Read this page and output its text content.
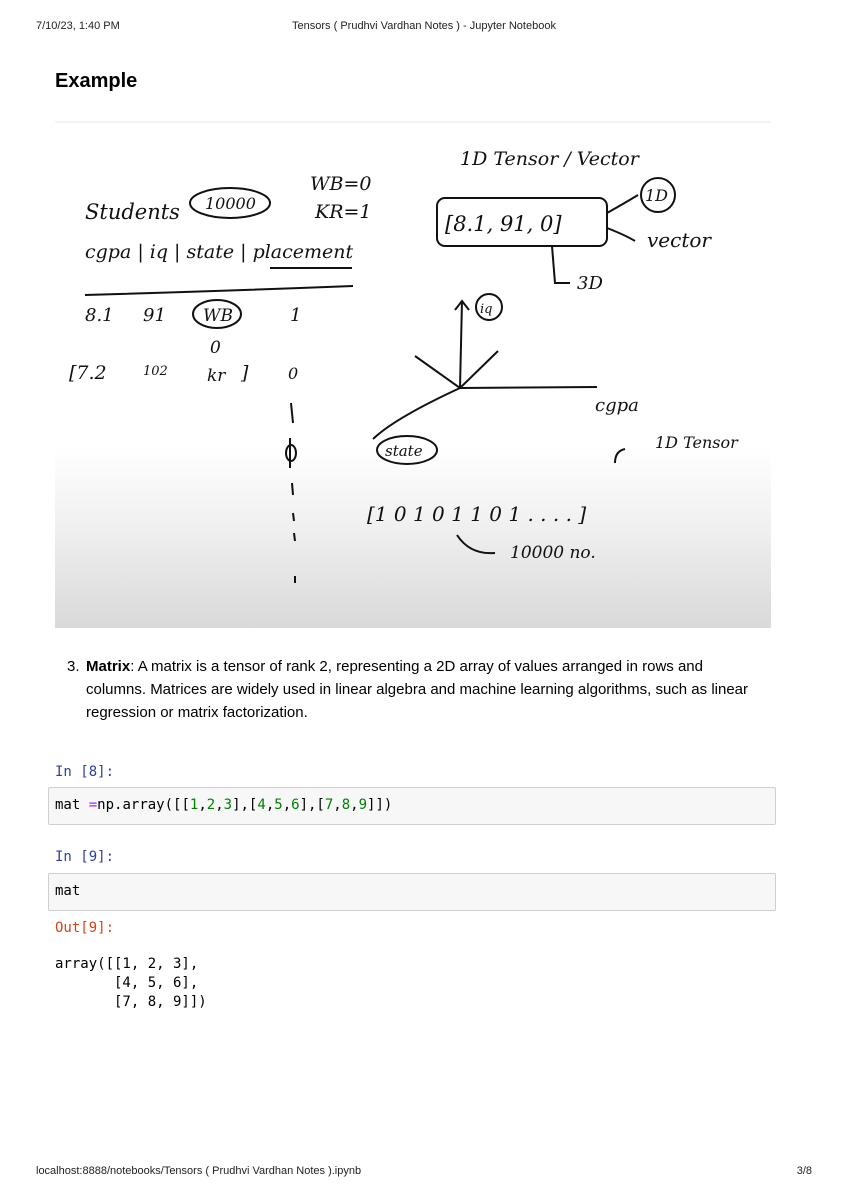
7/10/23, 1:40 PM	Tensors ( Prudhvi Vardhan Notes ) - Jupyter Notebook
Example
Students 10000
WB=0
KR=1
cgpa | iq | state | placement
8.1 91 WB	1
0
[7.2	102 kr ] 0
1D Tensor / Vector
[8.1, 91, 0]
1D
vector
3D
iq
cgpa
state	1D Tensor
[1 0 1 0 1 1 0 1 . . . . ]
10000 no.
3. Matrix: A matrix is a tensor of rank 2, representing a 2D array of values arranged in rows and columns. Matrices are widely used in linear algebra and machine learning algorithms, such as linear regression or matrix factorization.
In [8]:
mat =np.array([[1,2,3],[4,5,6],[7,8,9]])
In [9]:
mat
Out[9]:
array([[1, 2, 3],
[4, 5, 6],
[7, 8, 9]])
localhost:8888/notebooks/Tensors ( Prudhvi Vardhan Notes ).ipynb	3/8
